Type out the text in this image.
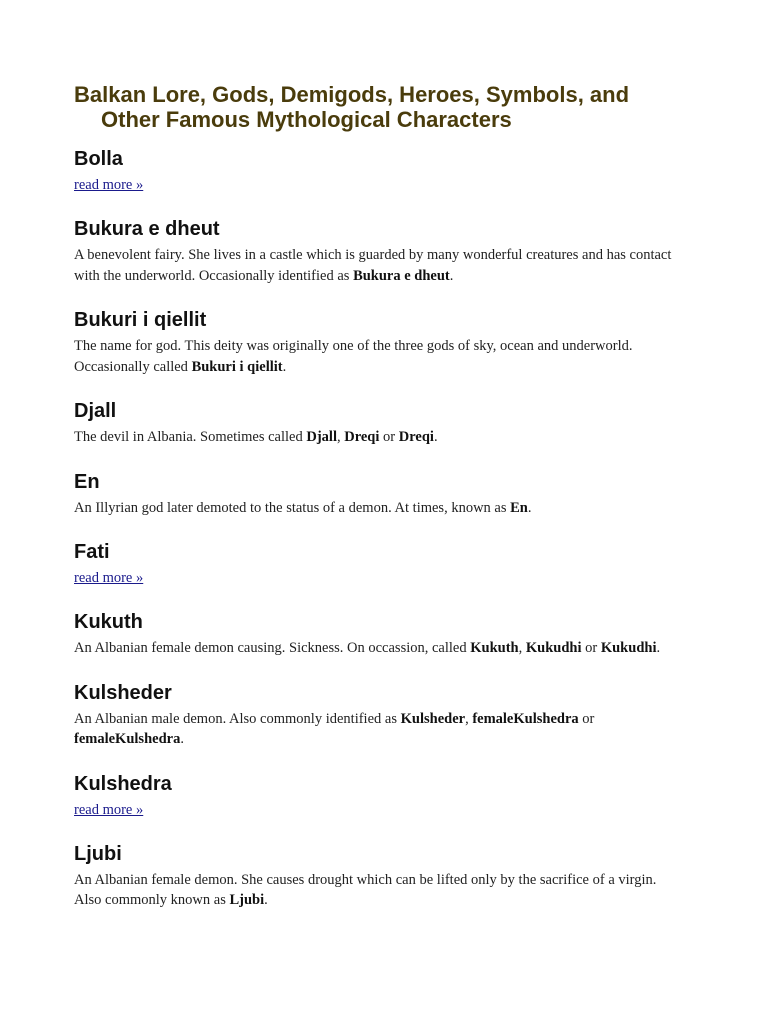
Balkan Lore, Gods, Demigods, Heroes, Symbols, and
Other Famous Mythological Characters
Bolla
read more »
Bukura e dheut

A benevolent fairy. She lives in a castle which is guarded by many wonderful creatures and has contact with the underworld. Occasionally identified as Bukura e dheut.

Bukuri i qiellit

The name for god. This deity was originally one of the three gods of sky, ocean and underworld. Occasionally called Bukuri i qiellit.

Djall

The devil in Albania. Sometimes called Djall, Dreqi or Dreqi.

En

An Illyrian god later demoted to the status of a demon. At times, known as En.

Fati
read more »
Kukuth

An Albanian female demon causing. Sickness. On occassion, called Kukuth, Kukudhi or Kukudhi.

Kulsheder

An Albanian male demon. Also commonly identified as Kulsheder, femaleKulshedra or femaleKulshedra.

Kulshedra
read more »
Ljubi

An Albanian female demon. She causes drought which can be lifted only by the sacrifice of a virgin. Also commonly known as Ljubi.
